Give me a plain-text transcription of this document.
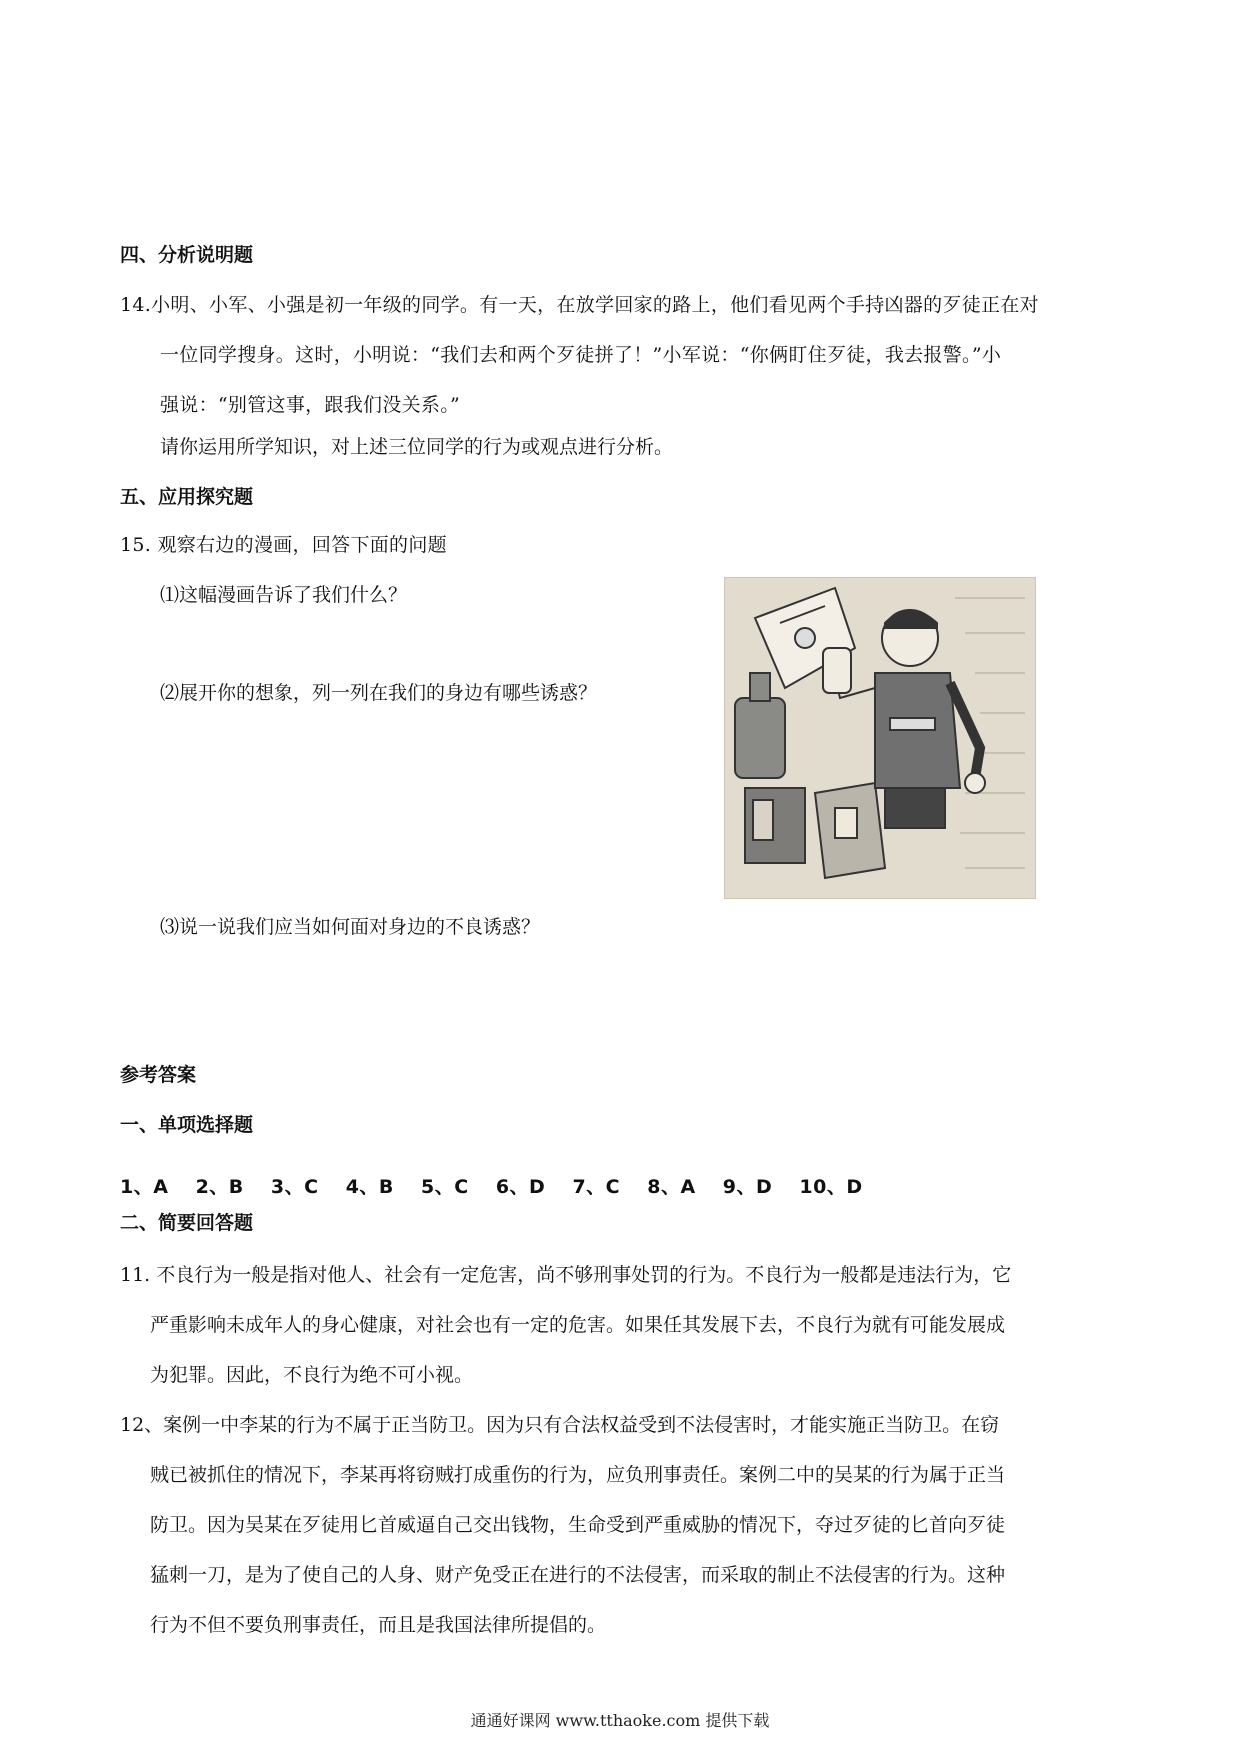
四、分析说明题
14.小明、小军、小强是初一年级的同学。有一天，在放学回家的路上，他们看见两个手持凶器的歹徒正在对
一位同学搜身。这时，小明说：“我们去和两个歹徒拼了！”小军说：“你俩盯住歹徒，我去报警。”小
强说：“别管这事，跟我们没关系。”

请你运用所学知识，对上述三位同学的行为或观点进行分析。

五、应用探究题

15. 观察右边的漫画，回答下面的问题

⑴这幅漫画告诉了我们什么？

⑵展开你的想象，列一列在我们的身边有哪些诱惑？

⑶说一说我们应当如何面对身边的不良诱惑？

参考答案
一、单项选择题
1、A 2、B 3、C 4、B 5、C 6、D 7、C 8、A 9、D 10、D
二、简要回答题
11. 不良行为一般是指对他人、社会有一定危害，尚不够刑事处罚的行为。不良行为一般都是违法行为，它
严重影响未成年人的身心健康，对社会也有一定的危害。如果任其发展下去，不良行为就有可能发展成
为犯罪。因此，不良行为绝不可小视。
12、案例一中李某的行为不属于正当防卫。因为只有合法权益受到不法侵害时，才能实施正当防卫。在窃
贼已被抓住的情况下，李某再将窃贼打成重伤的行为，应负刑事责任。案例二中的吴某的行为属于正当
防卫。因为吴某在歹徒用匕首威逼自己交出钱物，生命受到严重威胁的情况下，夺过歹徒的匕首向歹徒
猛刺一刀，是为了使自己的人身、财产免受正在进行的不法侵害，而采取的制止不法侵害的行为。这种
行为不但不要负刑事责任，而且是我国法律所提倡的。
通通好课网 www.tthaoke.com 提供下载
